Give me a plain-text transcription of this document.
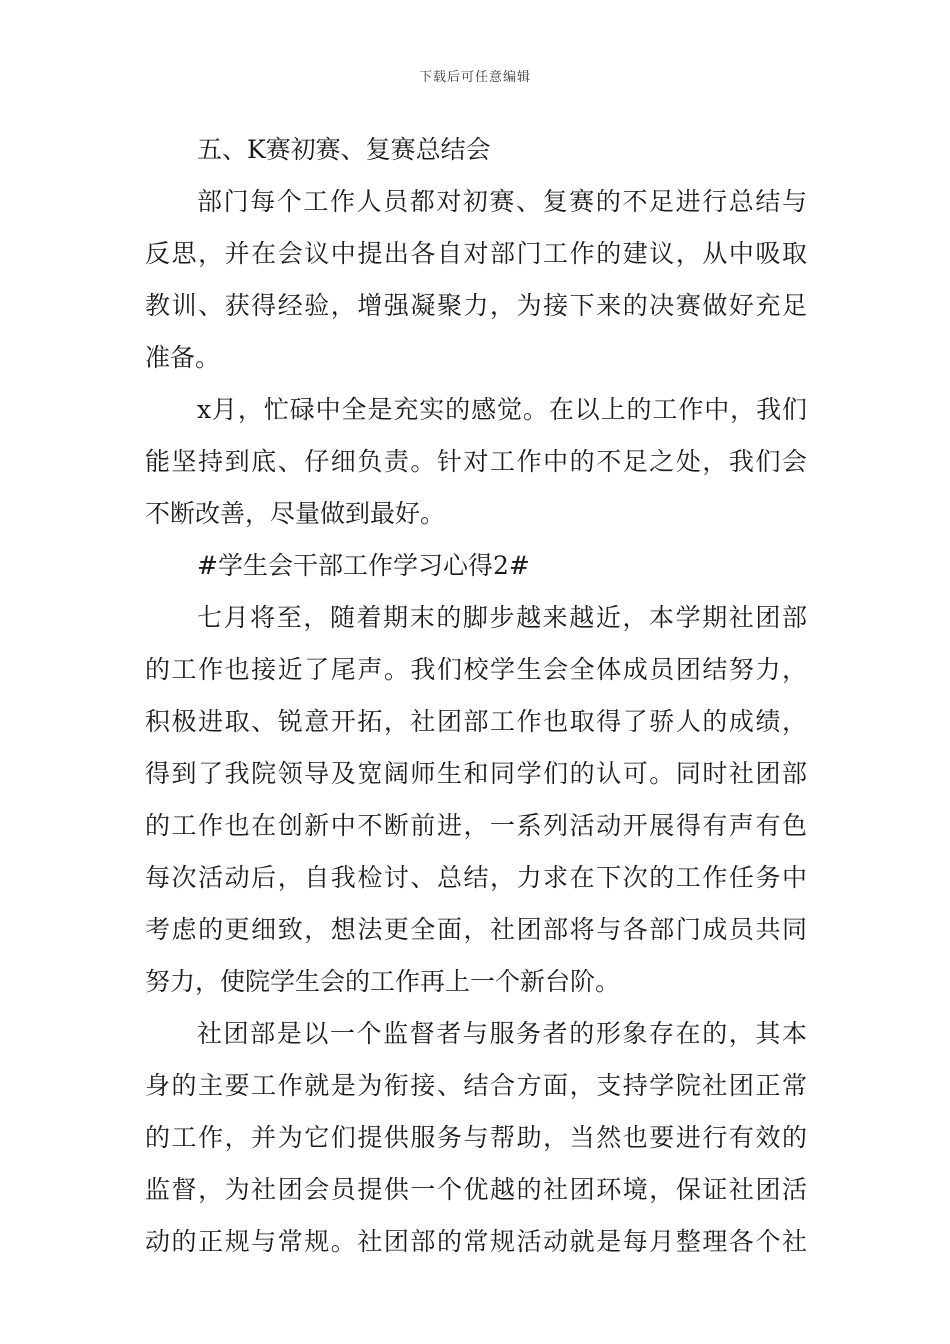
下载后可任意编辑
五、K赛初赛、复赛总结会
部门每个工作人员都对初赛、复赛的不足进行总结与
反思，并在会议中提出各自对部门工作的建议，从中吸取
教训、获得经验，增强凝聚力，为接下来的决赛做好充足
准备。
x月，忙碌中全是充实的感觉。在以上的工作中，我们
能坚持到底、仔细负责。针对工作中的不足之处，我们会
不断改善，尽量做到最好。
#学生会干部工作学习心得2#
七月将至，随着期末的脚步越来越近，本学期社团部
的工作也接近了尾声。我们校学生会全体成员团结努力，
积极进取、锐意开拓，社团部工作也取得了骄人的成绩，
得到了我院领导及宽阔师生和同学们的认可。同时社团部
的工作也在创新中不断前进，一系列活动开展得有声有色
每次活动后，自我检讨、总结，力求在下次的工作任务中
考虑的更细致，想法更全面，社团部将与各部门成员共同
努力，使院学生会的工作再上一个新台阶。
社团部是以一个监督者与服务者的形象存在的，其本
身的主要工作就是为衔接、结合方面，支持学院社团正常
的工作，并为它们提供服务与帮助，当然也要进行有效的
监督，为社团会员提供一个优越的社团环境，保证社团活
动的正规与常规。社团部的常规活动就是每月整理各个社
